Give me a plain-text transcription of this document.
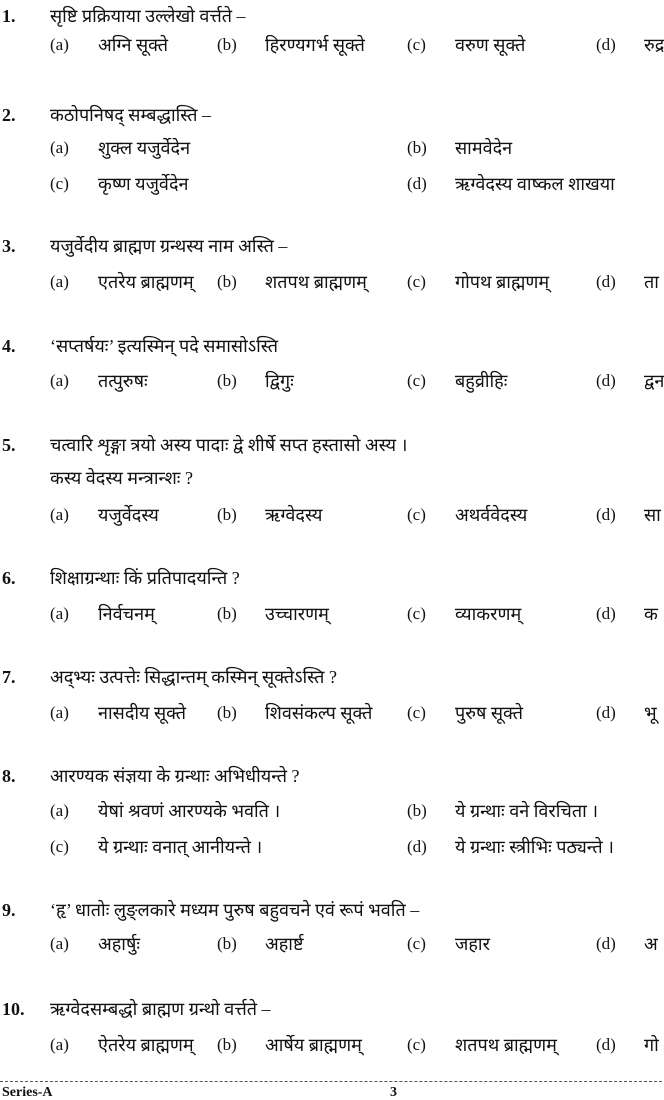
1. सृष्टि प्रक्रियाया उल्लेखो वर्त्तते –
(a) अग्नि सूक्ते	(b) हिरण्यगर्भ सूक्ते (c) वरुण सूक्ते	(d) रुद्र
2. कठोपनिषद् सम्बद्धास्ति –
(a) शुक्ल यजुर्वेदेन	(b) सामवेदेन
(c) कृष्ण यजुर्वेदेन	(d) ऋग्वेदस्य वाष्कल शाखया
3. यजुर्वेदीय ब्राह्मण ग्रन्थस्य नाम अस्ति –
(a) एतरेय ब्राह्मणम् (b) शतपथ ब्राह्मणम् (c) गोपथ ब्राह्मणम्	(d) ता
4. ‘सप्तर्षयः’ इत्यस्मिन् पदे समासोऽस्ति
(a) तत्पुरुषः	(b) द्विगुः	(c) बहुव्रीहिः	(d) द्वन
5. चत्वारि शृङ्गा त्रयो अस्य पादाः द्वे शीर्षे सप्त हस्तासो अस्य ।
कस्य वेदस्य मन्त्रान्शः ?
(a) यजुर्वेदस्य	(b) ऋग्वेदस्य	(c) अथर्ववेदस्य	(d) सा
6. शिक्षाग्रन्थाः किं प्रतिपादयन्ति ?
(a) निर्वचनम्	(b) उच्चारणम्	(c) व्याकरणम्	(d) क
7. अद्भ्यः उत्पत्तेः सिद्धान्तम् कस्मिन् सूक्तेऽस्ति ?
(a) नासदीय सूक्ते (b) शिवसंकल्प सूक्ते (c) पुरुष सूक्ते	(d) भू
8. आरण्यक संज्ञया के ग्रन्थाः अभिधीयन्ते ?
(a) येषां श्रवणं आरण्यके भवति ।	(b) ये ग्रन्थाः वने विरचिता ।
(c) ये ग्रन्थाः वनात् आनीयन्ते ।	(d) ये ग्रन्थाः स्त्रीभिः पठ्यन्ते ।
9. ‘हृ’ धातोः लुङ्लकारे मध्यम पुरुष बहुवचने एवं रूपं भवति –
(a) अहार्षुः	(b) अहार्ष्ट	(c) जहार	(d) अ
10. ऋग्वेदसम्बद्धो ब्राह्मण ग्रन्थो वर्त्तते –
(a) ऐतरेय ब्राह्मणम् (b) आर्षेय ब्राह्मणम्	(c) शतपथ ब्राह्मणम् (d) गो
Series-A	3
